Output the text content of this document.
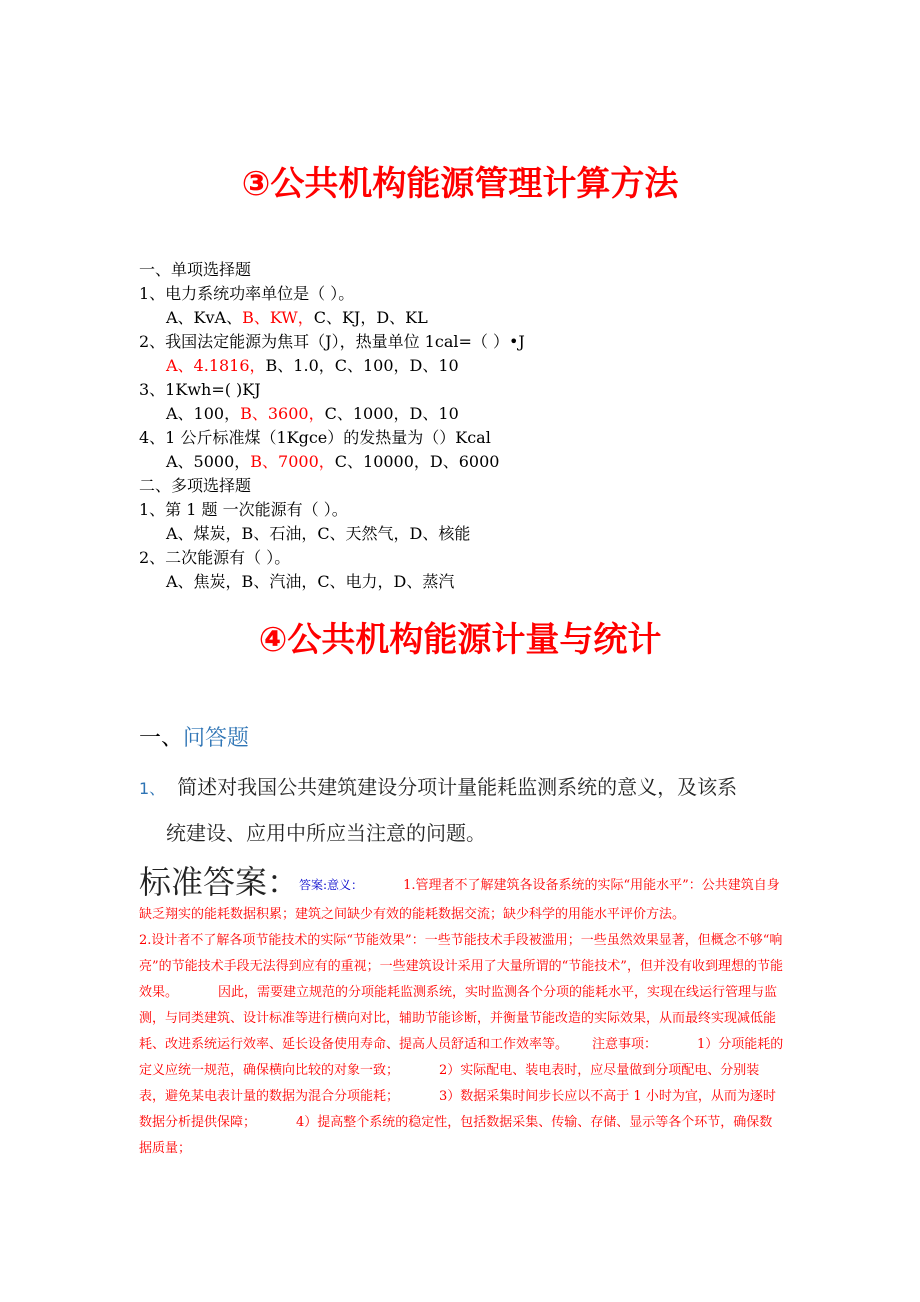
③公共机构能源管理计算方法
一、单项选择题
1、电力系统功率单位是（ ）。
A、KvA、B、KW，C、KJ，D、KL
2、我国法定能源为焦耳（J），热量单位 1cal=（ ）•J
A、4.1816，B、1.0，C、100，D、10
3、1Kwh=( )KJ
A、100，B、3600，C、1000，D、10
4、1 公斤标准煤（1Kgce）的发热量为（）Kcal
A、5000，B、7000，C、10000，D、6000
二、多项选择题
1、第 1 题 一次能源有（ ）。
A、煤炭，B、石油，C、天然气，D、核能
2、二次能源有（ ）。
A、焦炭，B、汽油，C、电力，D、蒸汽
④公共机构能源计量与统计
一、问答题
1、 简述对我国公共建筑建设分项计量能耗监测系统的意义，及该系
统建设、应用中所应当注意的问题。
标准答案：答案:意义：	1.管理者不了解建筑各设备系统的实际“用能水平”：公共建筑自身缺乏翔实的能耗数据积累；建筑之间缺少有效的能耗数据交流；缺少科学的用能水平评价方法。
2.设计者不了解各项节能技术的实际“节能效果”：一些节能技术手段被滥用；一些虽然效果显著，但概念不够“响亮”的节能技术手段无法得到应有的重视；一些建筑设计采用了大量所谓的“节能技术”，但并没有收到理想的节能效果。	因此，需要建立规范的分项能耗监测系统，实时监测各个分项的能耗水平，实现在线运行管理与监测，与同类建筑、设计标准等进行横向对比，辅助节能诊断，并衡量节能改造的实际效果，从而最终实现减低能耗、改进系统运行效率、延长设备使用寿命、提高人员舒适和工作效率等。 注意事项：	1）分项能耗的定义应统一规范，确保横向比较的对象一致；	2）实际配电、装电表时，应尽量做到分项配电、分别装表，避免某电表计量的数据为混合分项能耗；	3）数据采集时间步长应以不高于 1 小时为宜，从而为逐时数据分析提供保障；	4）提高整个系统的稳定性，包括数据采集、传输、存储、显示等各个环节，确保数据质量；
